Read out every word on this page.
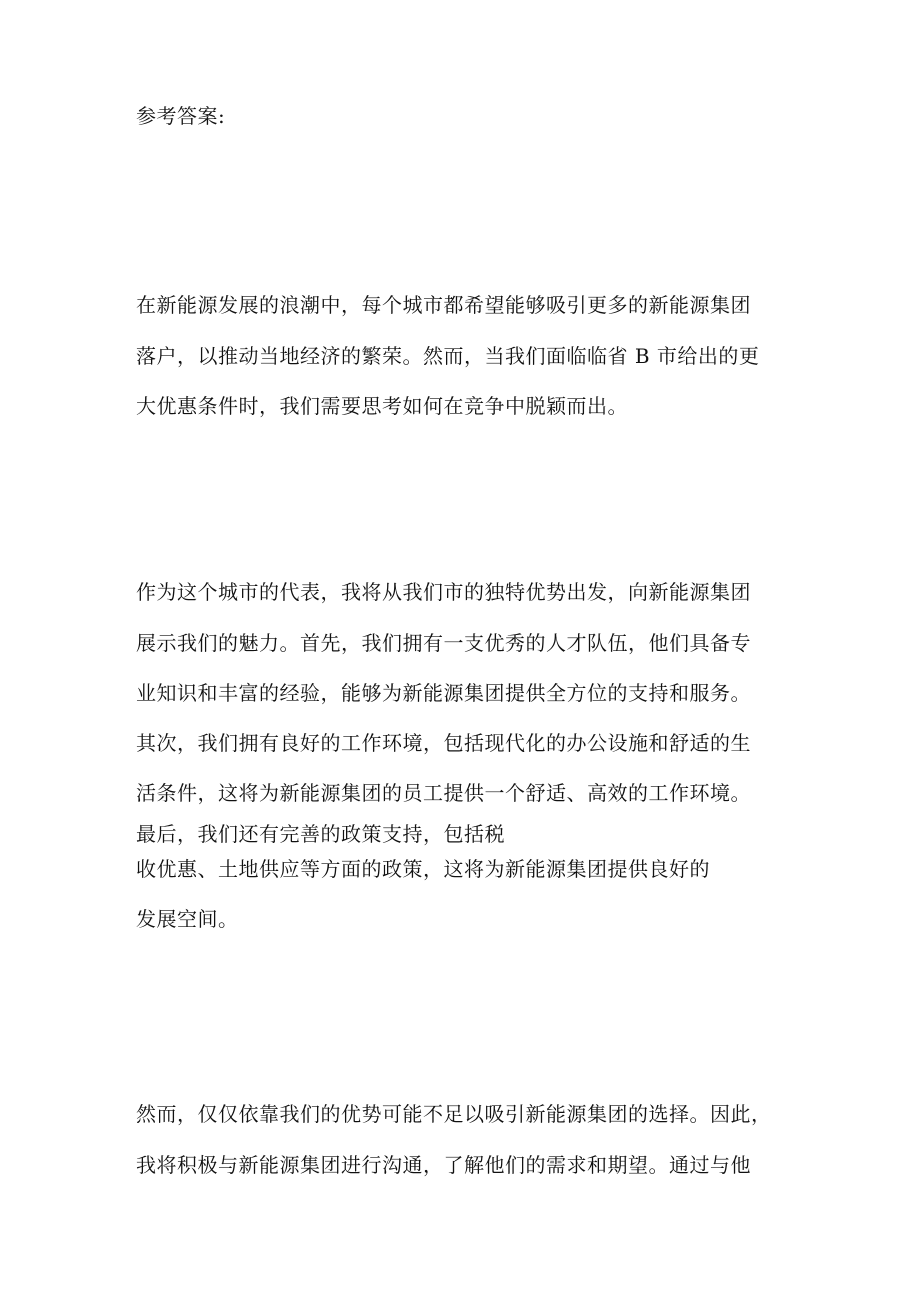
参考答案:
在新能源发展的浪潮中，每个城市都希望能够吸引更多的新能源集团
落户，以推动当地经济的繁荣。然而，当我们面临临省 B 市给出的更
大优惠条件时，我们需要思考如何在竞争中脱颖而出。
作为这个城市的代表，我将从我们市的独特优势出发，向新能源集团
展示我们的魅力。首先，我们拥有一支优秀的人才队伍，他们具备专
业知识和丰富的经验，能够为新能源集团提供全方位的支持和服务。
其次，我们拥有良好的工作环境，包括现代化的办公设施和舒适的生
活条件，这将为新能源集团的员工提供一个舒适、高效的工作环境。
最后，我们还有完善的政策支持，包括税
收优惠、土地供应等方面的政策，这将为新能源集团提供良好的
发展空间。
然而，仅仅依靠我们的优势可能不足以吸引新能源集团的选择。因此，
我将积极与新能源集团进行沟通，了解他们的需求和期望。通过与他
